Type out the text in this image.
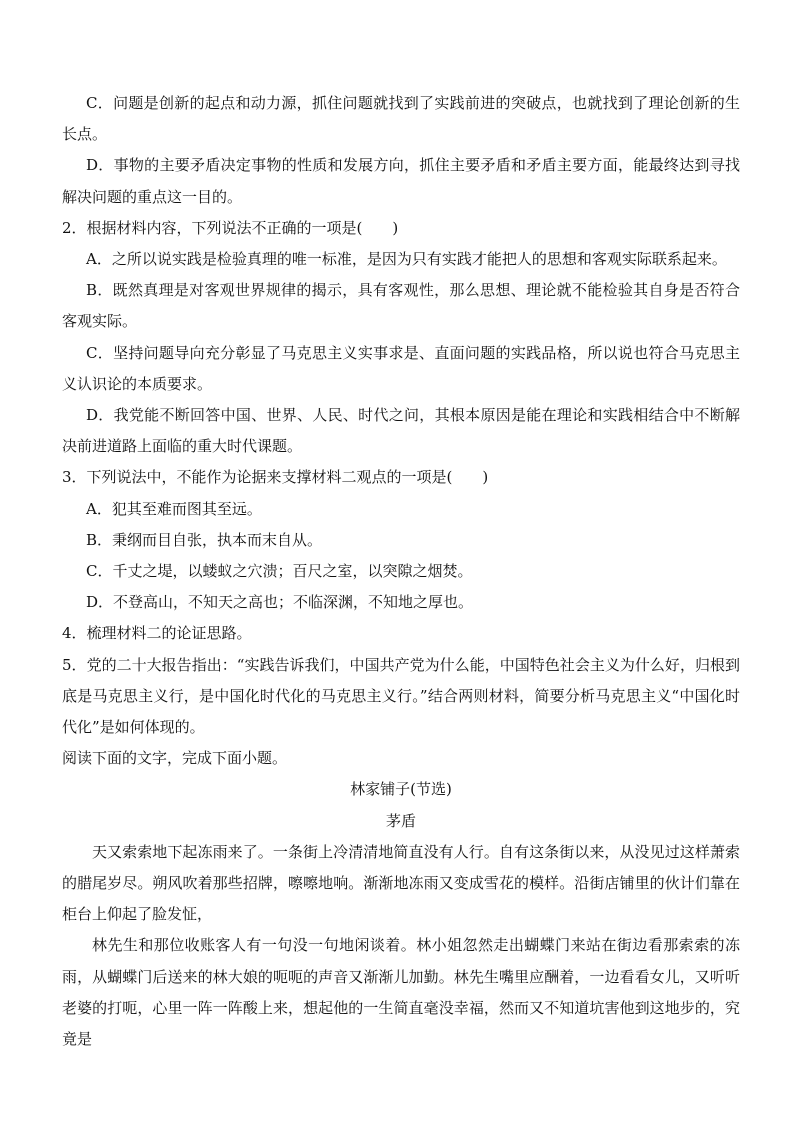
C．问题是创新的起点和动力源，抓住问题就找到了实践前进的突破点，也就找到了理论创新的生长点。

D．事物的主要矛盾决定事物的性质和发展方向，抓住主要矛盾和矛盾主要方面，能最终达到寻找解决问题的重点这一目的。

2．根据材料内容，下列说法不正确的一项是(　　)

A．之所以说实践是检验真理的唯一标准，是因为只有实践才能把人的思想和客观实际联系起来。

B．既然真理是对客观世界规律的揭示，具有客观性，那么思想、理论就不能检验其自身是否符合客观实际。

C．坚持问题导向充分彰显了马克思主义实事求是、直面问题的实践品格，所以说也符合马克思主义认识论的本质要求。

D．我党能不断回答中国、世界、人民、时代之问，其根本原因是能在理论和实践相结合中不断解决前进道路上面临的重大时代课题。

3．下列说法中，不能作为论据来支撑材料二观点的一项是(　　)

A．犯其至难而图其至远。

B．秉纲而目自张，执本而末自从。

C．千丈之堤，以蝼蚁之穴溃；百尺之室，以突隙之烟焚。

D．不登高山，不知天之高也；不临深渊，不知地之厚也。

4．梳理材料二的论证思路。

5．党的二十大报告指出：“实践告诉我们，中国共产党为什么能，中国特色社会主义为什么好，归根到底是马克思主义行，是中国化时代化的马克思主义行。”结合两则材料，简要分析马克思主义“中国化时代化”是如何体现的。

阅读下面的文字，完成下面小题。

林家铺子(节选)

茅盾

天又索索地下起冻雨来了。一条街上冷清清地简直没有人行。自有这条街以来，从没见过这样萧索的腊尾岁尽。朔风吹着那些招牌，嚓嚓地响。渐渐地冻雨又变成雪花的模样。沿街店铺里的伙计们靠在柜台上仰起了脸发怔，

林先生和那位收账客人有一句没一句地闲谈着。林小姐忽然走出蝴蝶门来站在街边看那索索的冻雨，从蝴蝶门后送来的林大娘的呃呃的声音又渐渐儿加勤。林先生嘴里应酬着，一边看看女儿，又听听老婆的打呃，心里一阵一阵酸上来，想起他的一生简直毫没幸福，然而又不知道坑害他到这地步的，究竟是
